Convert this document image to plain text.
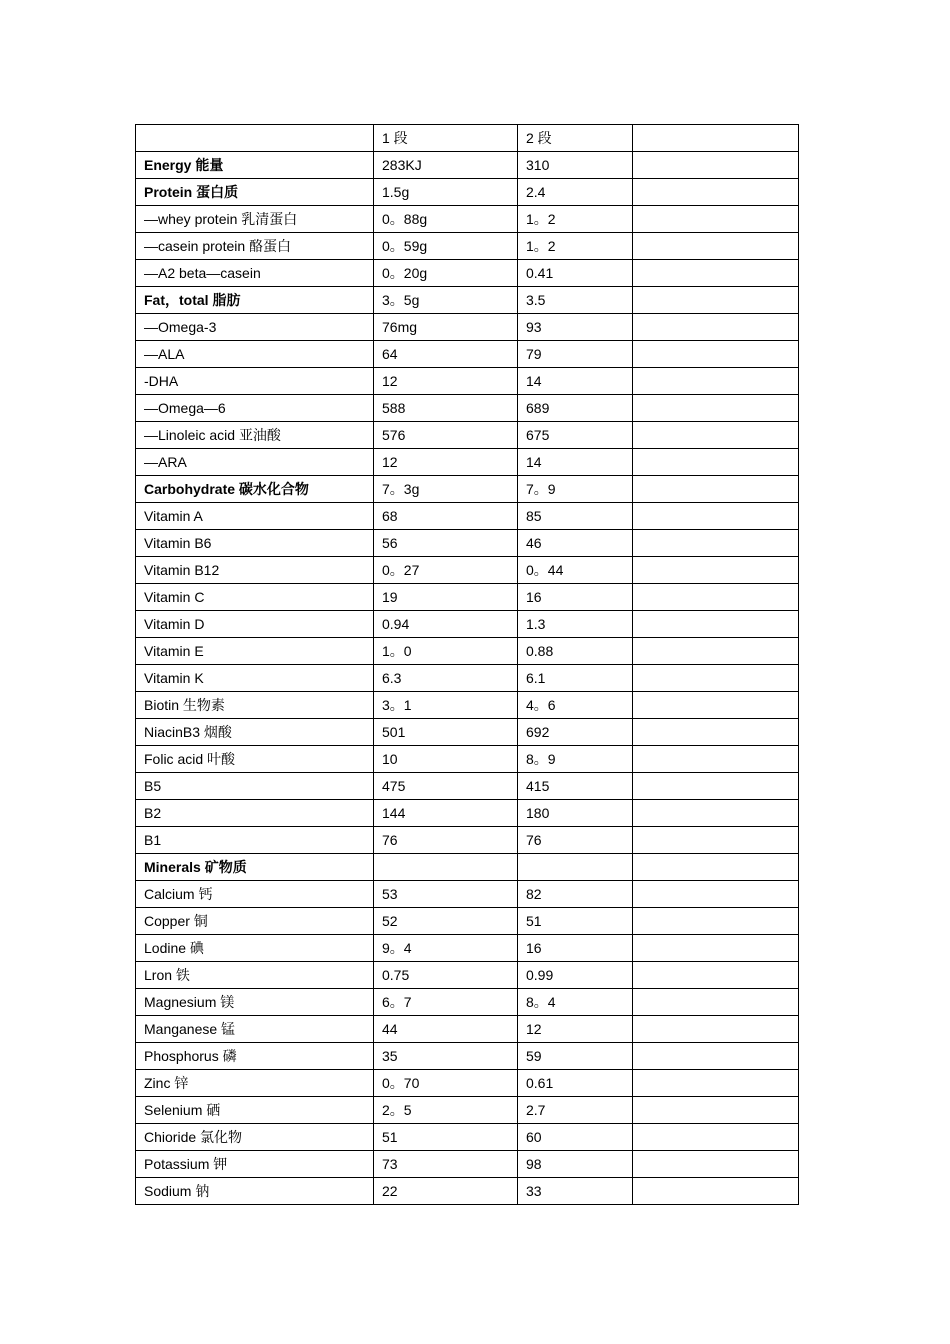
	1 段	2 段	
Energy 能量	283KJ	310	
Protein 蛋白质	1.5g	2.4	
—whey protein 乳清蛋白	0。88g	1。2	
—casein protein 酪蛋白	0。59g	1。2	
—A2 beta—casein	0。20g	0.41	
Fat，total 脂肪	3。5g	3.5	
—Omega-3	76mg	93	
—ALA	64	79	
-DHA	12	14	
—Omega—6	588	689	
—Linoleic acid 亚油酸	576	675	
—ARA	12	14	
Carbohydrate 碳水化合物	7。3g	7。9	
Vitamin A	68	85	
Vitamin B6	56	46	
Vitamin B12	0。27	0。44	
Vitamin C	19	16	
Vitamin D	0.94	1.3	
Vitamin E	1。0	0.88	
Vitamin K	6.3	6.1	
Biotin 生物素	3。1	4。6	
NiacinB3 烟酸	501	692	
Folic acid 叶酸	10	8。9	
B5	475	415	
B2	144	180	
B1	76	76	
Minerals 矿物质			
Calcium 钙	53	82	
Copper 铜	52	51	
Lodine 碘	9。4	16	
Lron 铁	0.75	0.99	
Magnesium 镁	6。7	8。4	
Manganese 锰	44	12	
Phosphorus 磷	35	59	
Zinc 锌	0。70	0.61	
Selenium 硒	2。5	2.7	
Chioride 氯化物	51	60	
Potassium 钾	73	98	
Sodium 钠	22	33	
